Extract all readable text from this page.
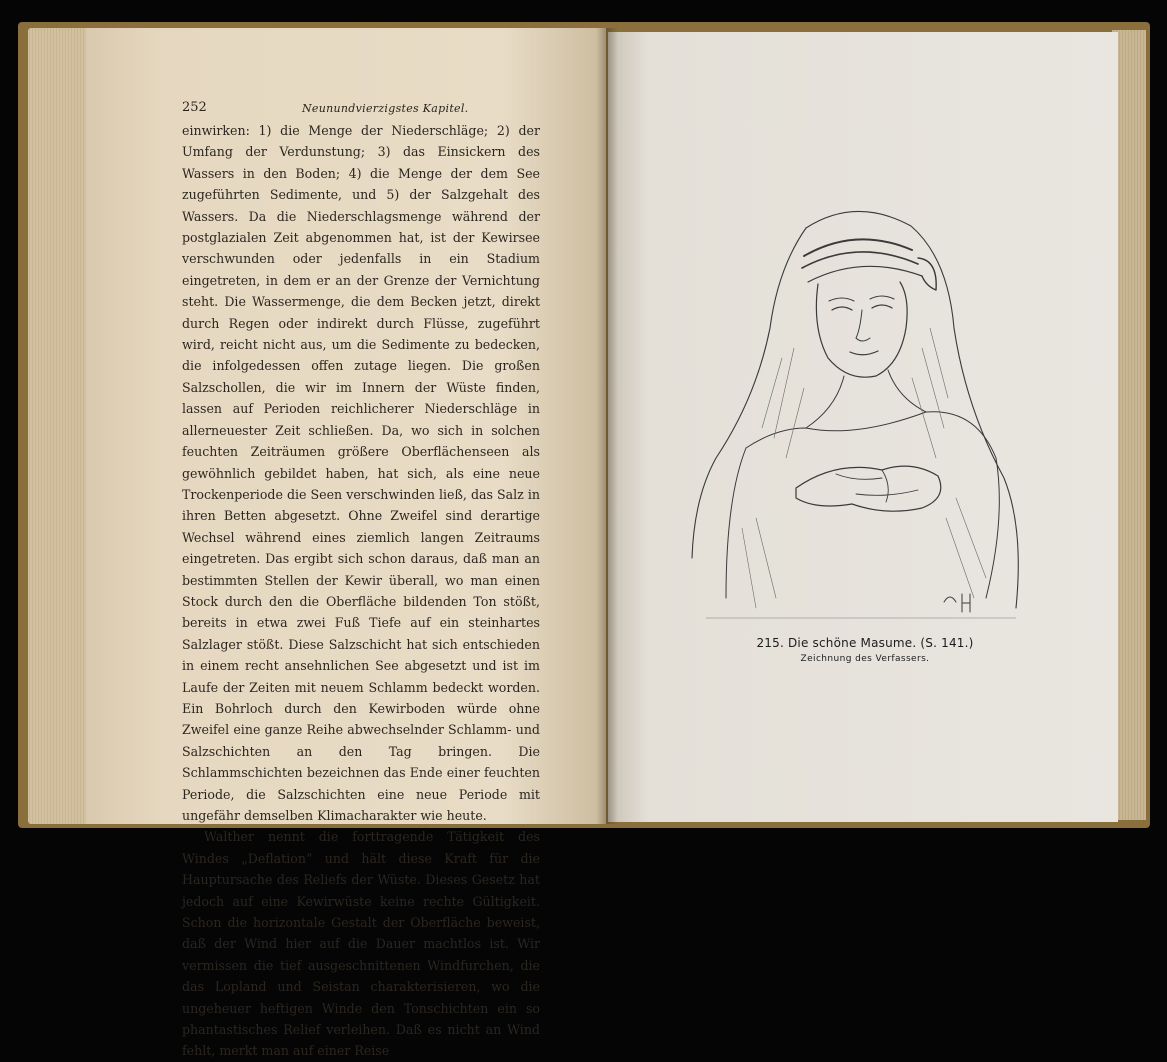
252	Neunundvierzigstes Kapitel.

einwirken: 1) die Menge der Niederschläge; 2) der Umfang der Verdunstung; 3) das Einsickern des Wassers in den Boden; 4) die Menge der dem See zugeführten Sedimente, und 5) der Salzgehalt des Wassers. Da die Niederschlagsmenge während der postglazialen Zeit abgenommen hat, ist der Kewirsee verschwunden oder jedenfalls in ein Stadium eingetreten, in dem er an der Grenze der Vernichtung steht. Die Wassermenge, die dem Becken jetzt, direkt durch Regen oder indirekt durch Flüsse, zugeführt wird, reicht nicht aus, um die Sedimente zu bedecken, die infolgedessen offen zutage liegen. Die großen Salzschollen, die wir im Innern der Wüste finden, lassen auf Perioden reichlicherer Niederschläge in allerneuester Zeit schließen. Da, wo sich in solchen feuchten Zeiträumen größere Oberflächenseen als gewöhnlich gebildet haben, hat sich, als eine neue Trockenperiode die Seen verschwinden ließ, das Salz in ihren Betten abgesetzt. Ohne Zweifel sind derartige Wechsel während eines ziemlich langen Zeitraums eingetreten. Das ergibt sich schon daraus, daß man an bestimmten Stellen der Kewir überall, wo man einen Stock durch den die Oberfläche bildenden Ton stößt, bereits in etwa zwei Fuß Tiefe auf ein steinhartes Salzlager stößt. Diese Salzschicht hat sich entschieden in einem recht ansehnlichen See abgesetzt und ist im Laufe der Zeiten mit neuem Schlamm bedeckt worden. Ein Bohrloch durch den Kewirboden würde ohne Zweifel eine ganze Reihe abwechselnder Schlamm- und Salzschichten an den Tag bringen. Die Schlammschichten bezeichnen das Ende einer feuchten Periode, die Salzschichten eine neue Periode mit ungefähr demselben Klimacharakter wie heute.

Walther nennt die forttragende Tätigkeit des Windes „Deflation“ und hält diese Kraft für die Hauptursache des Reliefs der Wüste. Dieses Gesetz hat jedoch auf eine Kewirwüste keine rechte Gültigkeit. Schon die horizontale Gestalt der Oberfläche beweist, daß der Wind hier auf die Dauer machtlos ist. Wir vermissen die tief ausgeschnittenen Windfurchen, die das Lopland und Seistan charakterisieren, wo die ungeheuer heftigen Winde den Tonschichten ein so phantastisches Relief verleihen. Daß es nicht an Wind fehlt, merkt man auf einer Reise

215. Die schöne Masume. (S. 141.)
Zeichnung des Verfassers.
